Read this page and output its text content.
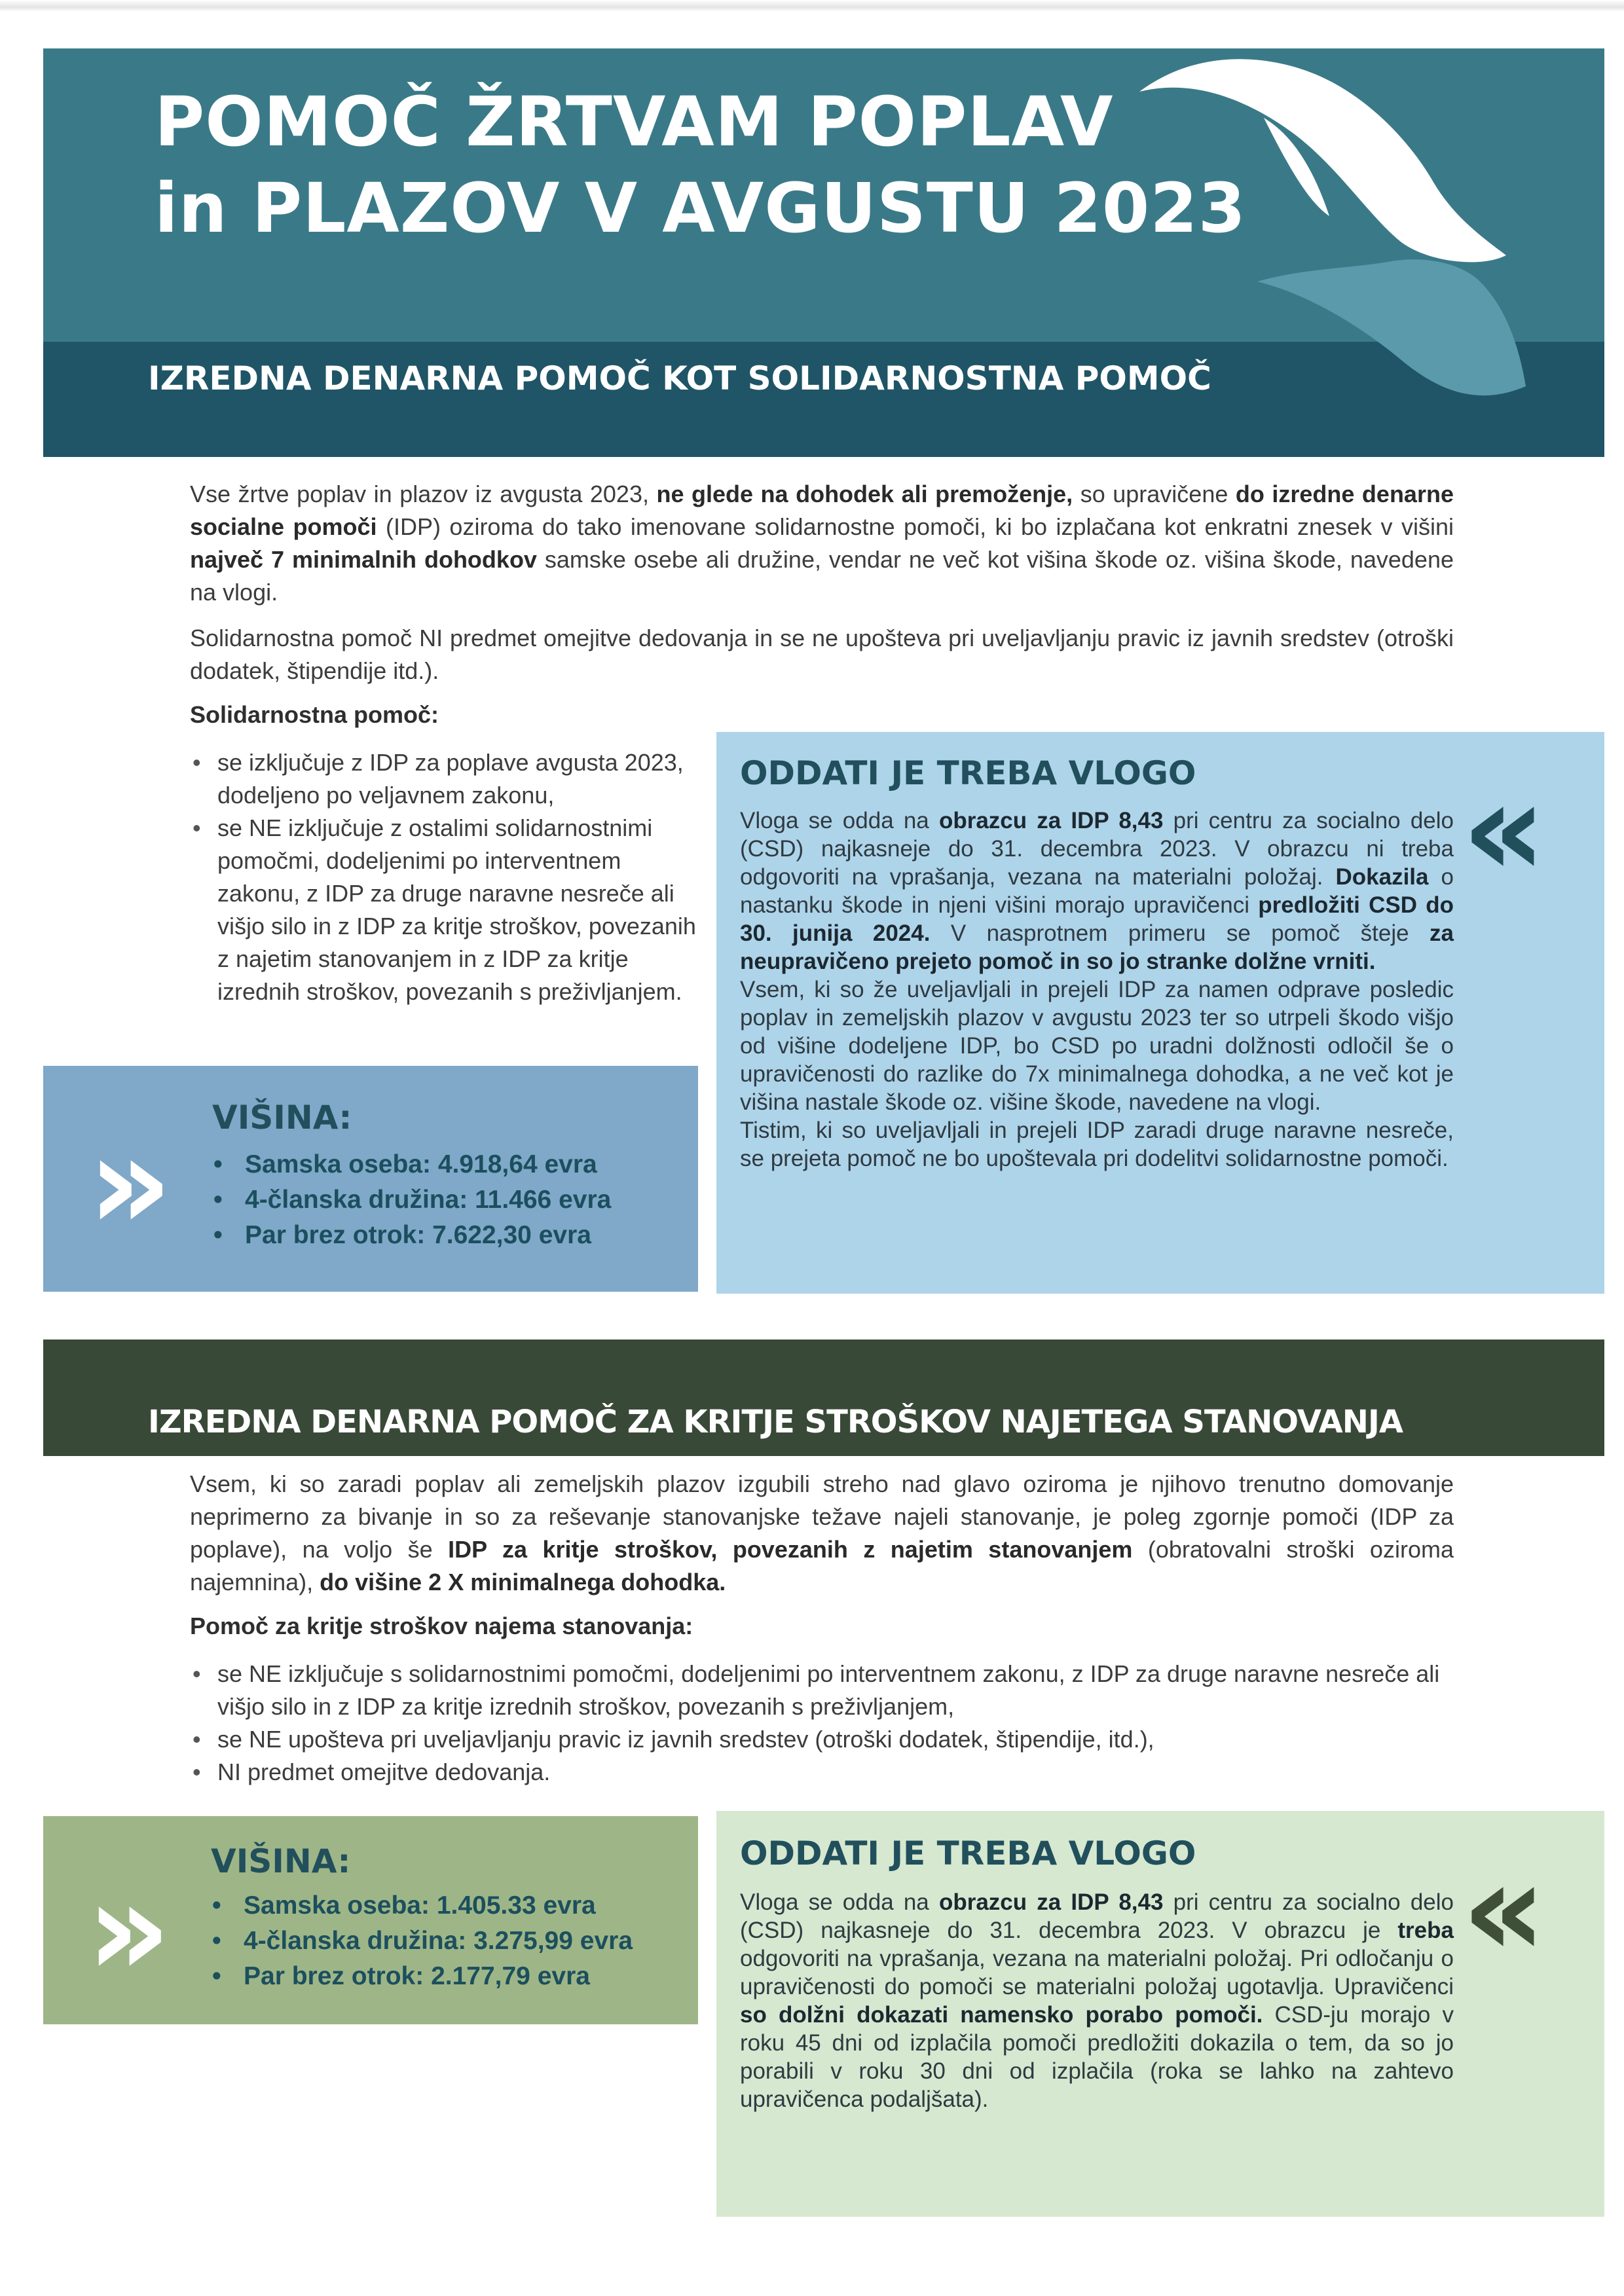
POMOČ ŽRTVAM POPLAV
in PLAZOV V AVGUSTU 2023
IZREDNA DENARNA POMOČ KOT SOLIDARNOSTNA POMOČ
Vse žrtve poplav in plazov iz avgusta 2023, ne glede na dohodek ali premoženje, so upravičene do izredne denarne socialne pomoči (IDP) oziroma do tako imenovane solidarnostne pomoči, ki bo izplačana kot enkratni znesek v višini največ 7 minimalnih dohodkov samske osebe ali družine, vendar ne več kot višina škode oz. višina škode, navedene na vlogi.
Solidarnostna pomoč NI predmet omejitve dedovanja in se ne upošteva pri uveljavljanju pravic iz javnih sredstev (otroški dodatek, štipendije itd.).
Solidarnostna pomoč:
• se izključuje z IDP za poplave avgusta 2023, dodeljeno po veljavnem zakonu,
• se NE izključuje z ostalimi solidarnostnimi pomočmi, dodeljenimi po interventnem zakonu, z IDP za druge naravne nesreče ali višjo silo in z IDP za kritje stroškov, povezanih z najetim stanovanjem in z IDP za kritje izrednih stroškov, povezanih s preživljanjem.
» VIŠINA:
• Samska oseba: 4.918,64 evra
• 4-članska družina: 11.466 evra
• Par brez otrok: 7.622,30 evra
ODDATI JE TREBA VLOGO «
Vloga se odda na obrazcu za IDP 8,43 pri centru za socialno delo (CSD) najkasneje do 31. decembra 2023. V obrazcu ni treba odgovoriti na vprašanja, vezana na materialni položaj. Dokazila o nastanku škode in njeni višini morajo upravičenci predložiti CSD do 30. junija 2024. V nasprotnem primeru se pomoč šteje za neupravičeno prejeto pomoč in so jo stranke dolžne vrniti.
Vsem, ki so že uveljavljali in prejeli IDP za namen odprave posledic poplav in zemeljskih plazov v avgustu 2023 ter so utrpeli škodo višjo od višine dodeljene IDP, bo CSD po uradni dolžnosti odločil še o upravičenosti do razlike do 7x minimalnega dohodka, a ne več kot je višina nastale škode oz. višine škode, navedene na vlogi.
Tistim, ki so uveljavljali in prejeli IDP zaradi druge naravne nesreče, se prejeta pomoč ne bo upoštevala pri dodelitvi solidarnostne pomoči.
IZREDNA DENARNA POMOČ ZA KRITJE STROŠKOV NAJETEGA STANOVANJA
Vsem, ki so zaradi poplav ali zemeljskih plazov izgubili streho nad glavo oziroma je njihovo trenutno domovanje neprimerno za bivanje in so za reševanje stanovanjske težave najeli stanovanje, je poleg zgornje pomoči (IDP za poplave), na voljo še IDP za kritje stroškov, povezanih z najetim stanovanjem (obratovalni stroški oziroma najemnina), do višine 2 X minimalnega dohodka.
Pomoč za kritje stroškov najema stanovanja:
• se NE izključuje s solidarnostnimi pomočmi, dodeljenimi po interventnem zakonu, z IDP za druge naravne nesreče ali višjo silo in z IDP za kritje izrednih stroškov, povezanih s preživljanjem,
• se NE upošteva pri uveljavljanju pravic iz javnih sredstev (otroški dodatek, štipendije, itd.),
• NI predmet omejitve dedovanja.
» VIŠINA:
• Samska oseba: 1.405.33 evra
• 4-članska družina: 3.275,99 evra
• Par brez otrok: 2.177,79 evra
ODDATI JE TREBA VLOGO «
Vloga se odda na obrazcu za IDP 8,43 pri centru za socialno delo (CSD) najkasneje do 31. decembra 2023. V obrazcu je treba odgovoriti na vprašanja, vezana na materialni položaj. Pri odločanju o upravičenosti do pomoči se materialni položaj ugotavlja. Upravičenci so dolžni dokazati namensko porabo pomoči. CSD-ju morajo v roku 45 dni od izplačila pomoči predložiti dokazila o tem, da so jo porabili v roku 30 dni od izplačila (roka se lahko na zahtevo upravičenca podaljšata).
